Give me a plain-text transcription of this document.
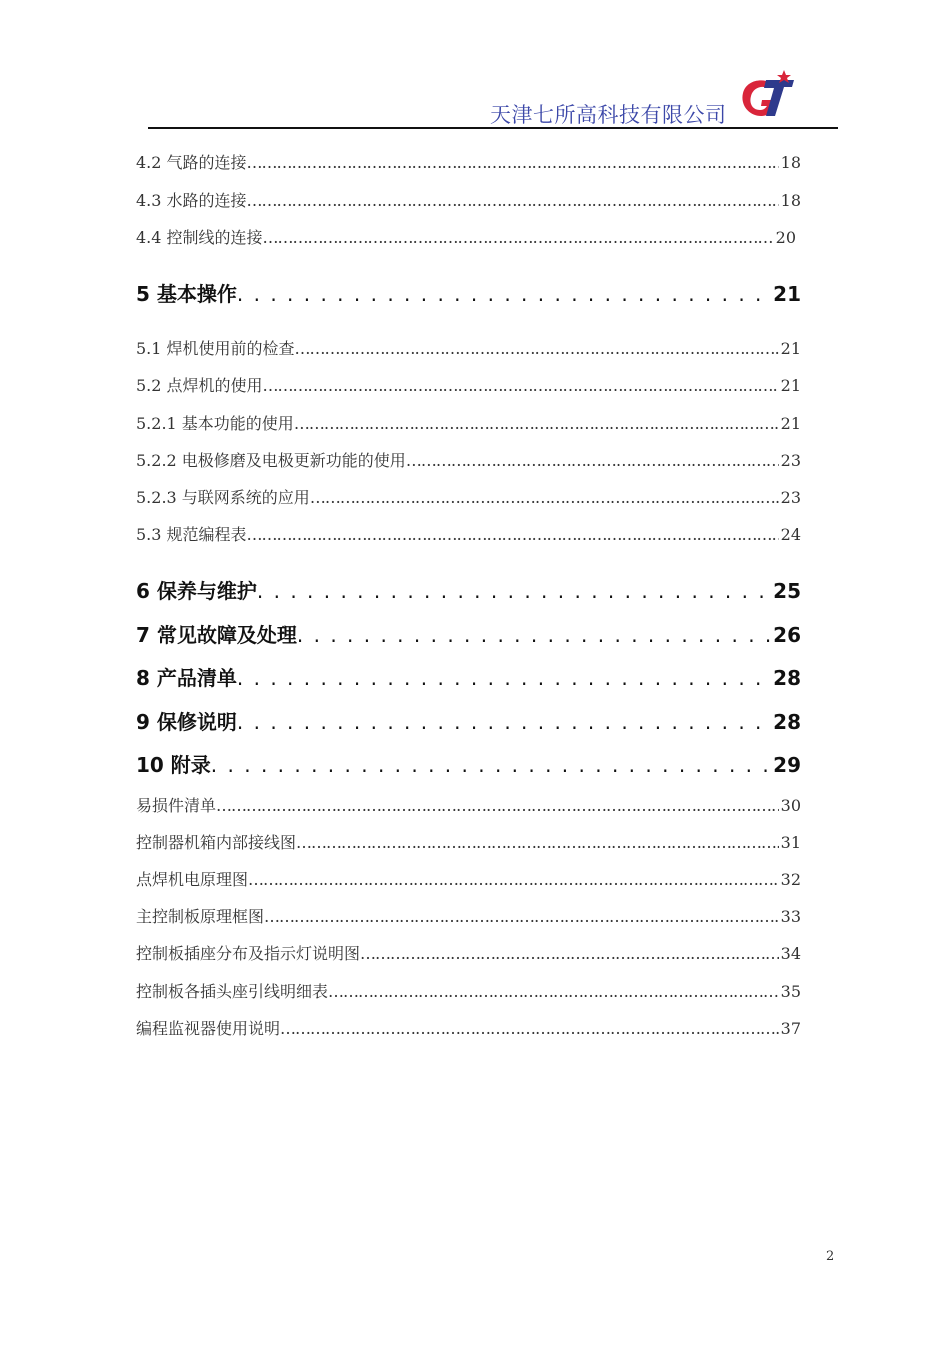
天津七所高科技有限公司
4.2 气路的连接 …………………………………………………………………………………………………………………………………………………………………………………	18
4.3 水路的连接 …………………………………………………………………………………………………………………………………………………………………………………	18
4.4 控制线的连接 …………………………………………………………………………………………………………………………………………………………………………………	20
5 基本操作 . . .	21
5.1 焊机使用前的检查 …………………………………………………………………………………………………………………………………………………………………………………	21
5.2 点焊机的使用 …………………………………………………………………………………………………………………………………………………………………………………	21
5.2.1 基本功能的使用 …………………………………………………………………………………………………………………………………………………………………………………	21
5.2.2 电极修磨及电极更新功能的使用 …………………………………………………………………………………………………………………………………………………………………………………	23
5.2.3 与联网系统的应用 …………………………………………………………………………………………………………………………………………………………………………………	23
5.3 规范编程表 …………………………………………………………………………………………………………………………………………………………………………………	24
6 保养与维护 . . .	25
7 常见故障及处理 . . .	26
8 产品清单 . . .	28
9 保修说明 . . .	28
10 附录 . . .	29
易损件清单 …………………………………………………………………………………………………………………………………………………………………………………	30
控制器机箱内部接线图 …………………………………………………………………………………………………………………………………………………………………………………	31
点焊机电原理图 …………………………………………………………………………………………………………………………………………………………………………………	32
主控制板原理框图 …………………………………………………………………………………………………………………………………………………………………………………	33
控制板插座分布及指示灯说明图 …………………………………………………………………………………………………………………………………………………………………………………	34
控制板各插头座引线明细表 …………………………………………………………………………………………………………………………………………………………………………………	35
编程监视器使用说明 …………………………………………………………………………………………………………………………………………………………………………………	37
2
